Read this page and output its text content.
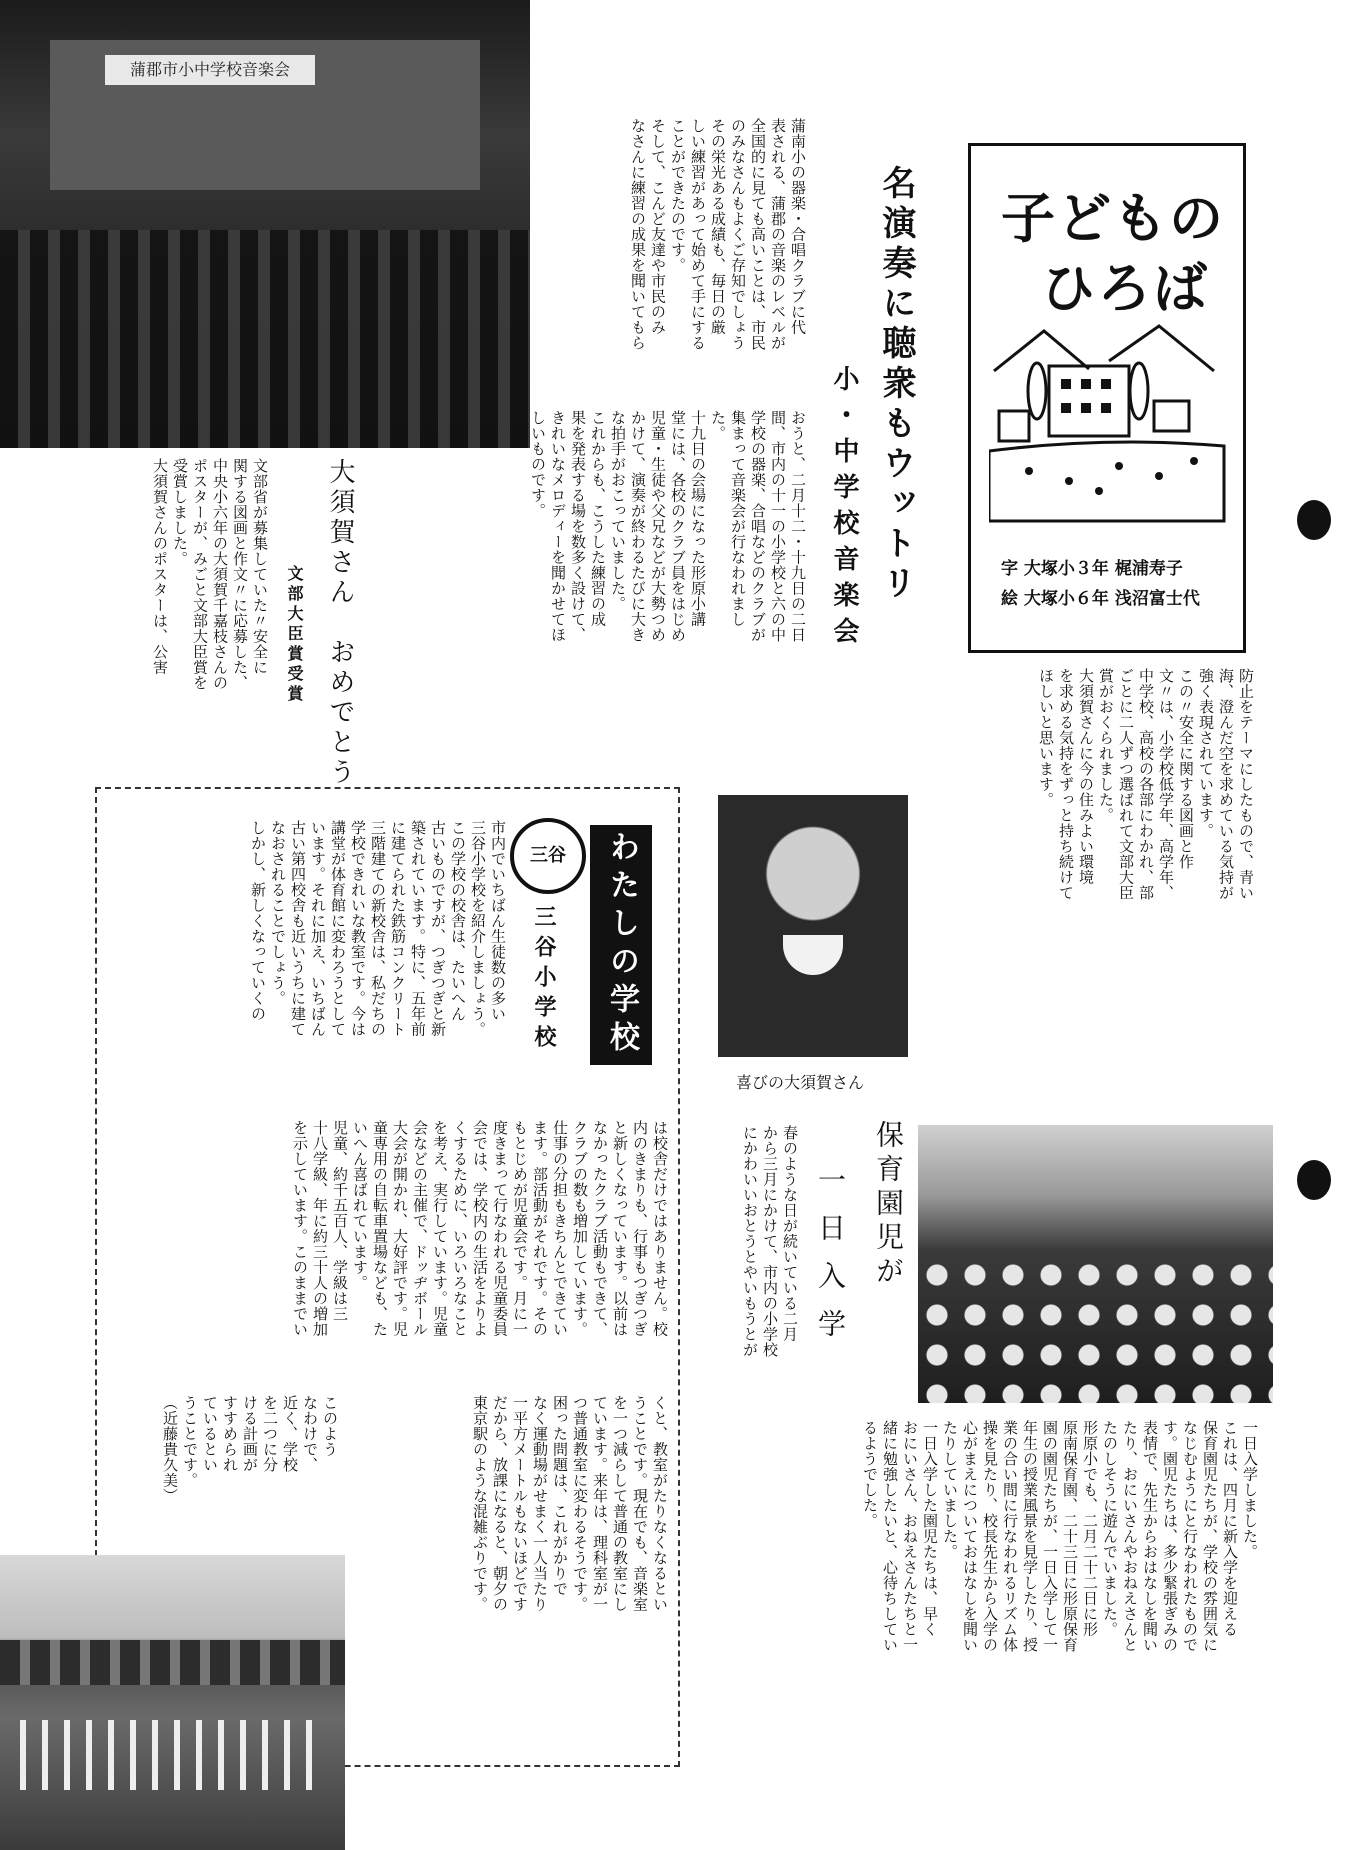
蒲郡市小中学校音楽会
名演奏に聴衆もウットリ
小・中学校音楽会
蒲南小の器楽・合唱クラブに代
表される、蒲郡の音楽のレベルが
全国的に見ても高いことは、市民
のみなさんもよくご存知でしょう
その栄光ある成績も、毎日の厳
しい練習があって始めて手にする
ことができたのです。
そして、こんど友達や市民のみ
なさんに練習の成果を聞いてもら
おうと、二月十二・十九日の二日
間、市内の十一の小学校と六の中
学校の器楽、合唱などのクラブが
集まって音楽会が行なわれました。
十九日の会場になった形原小講
堂には、各校のクラブ員をはじめ
児童・生徒や父兄などが大勢つめ
かけて、演奏が終わるたびに大き
な拍手がおこっていました。
これからも、こうした練習の成
果を発表する場を数多く設けて、
きれいなメロディーを聞かせてほ
しいものです。
子どもの
ひろば
字 大塚小３年 梶浦寿子
絵 大塚小６年 浅沼富士代
大須賀さん　おめでとう
文部大臣賞受賞
文部省が募集していた〃安全に
関する図画と作文〃に応募した、
中央小六年の大須賀千嘉枝さんの
ポスターが、みごと文部大臣賞を
受賞しました。
大須賀さんのポスターは、公害
防止をテーマにしたもので、青い
海、澄んだ空を求めている気持が
強く表現されています。
この〃安全に関する図画と作
文〃は、小学校低学年、高学年、
中学校、高校の各部にわかれ、部
ごとに二人ずつ選ばれて文部大臣
賞がおくられました。
大須賀さんに今の住みよい環境
を求める気持をずっと持ち続けて
ほしいと思います。
喜びの大須賀さん
三谷	わたしの学校
三谷小学校
市内でいちばん生徒数の多い
三谷小学校を紹介しましょう。
この学校の校舎は、たいへん
古いものですが、つぎつぎと新
築されています。特に、五年前
に建てられた鉄筋コンクリート
三階建ての新校舎は、私だちの
学校できれいな教室です。今は
講堂が体育館に変わろうとして
います。それに加え、いちばん
古い第四校舎も近いうちに建て
なおされることでしょう。
しかし、新しくなっていくの
は校舎だけではありません。校
内のきまりも、行事もつぎつぎ
と新しくなっています。以前は
なかったクラブ活動もできて、
クラブの数も増加しています。
仕事の分担もきちんとできてい
ます。部活動がそれです。その
もとじめが児童会です。月に一
度きまって行なわれる児童委員
会では、学校内の生活をよりよ
くするために、いろいろなこと
を考え、実行しています。児童
会などの主催で、ドッヂボール
大会が開かれ、大好評です。児
童専用の自転車置場なども、た
いへん喜ばれています。
児童、約千五百人、学級は三
十八学級、年に約三十人の増加
を示しています。このままでい
くと、教室がたりなくなるとい
うことです。現在でも、音楽室
を一つ減らして普通の教室にし
ています。来年は、理科室が一
つ普通教室に変わるそうです。
困った問題は、これがかりで
なく運動場がせまく一人当たり
一平方メートルもないほどです
だから、放課になると、朝夕の
東京駅のような混雑ぶりです。
このよう
なわけで、
近く、学校
を二つに分
ける計画が
すすめられ
ているとい
うことです。
（近藤貴久美）
保育園児が
一日入学
春のような日が続いている二月
から三月にかけて、市内の小学校
にかわいいおとうとやいもうとが
一日入学しました。
これは、四月に新入学を迎える
保育園児たちが、学校の雰囲気に
なじむようにと行なわれたもので
す。園児たちは、多少緊張ぎみの
表情で、先生からおはなしを聞い
たり、おにいさんやおねえさんと
たのしそうに遊んでいました。
形原小でも、二月二十二日に形
原南保育園、二十三日に形原保育
園の園児たちが、一日入学して一
年生の授業風景を見学したり、授
業の合い間に行なわれるリズム体
操を見たり、校長先生から入学の
心がまえについておはなしを聞い
たりしていました。
一日入学した園児たちは、早く
おにいさん、おねえさんたちと一
緒に勉強したいと、心待ちしてい
るようでした。
